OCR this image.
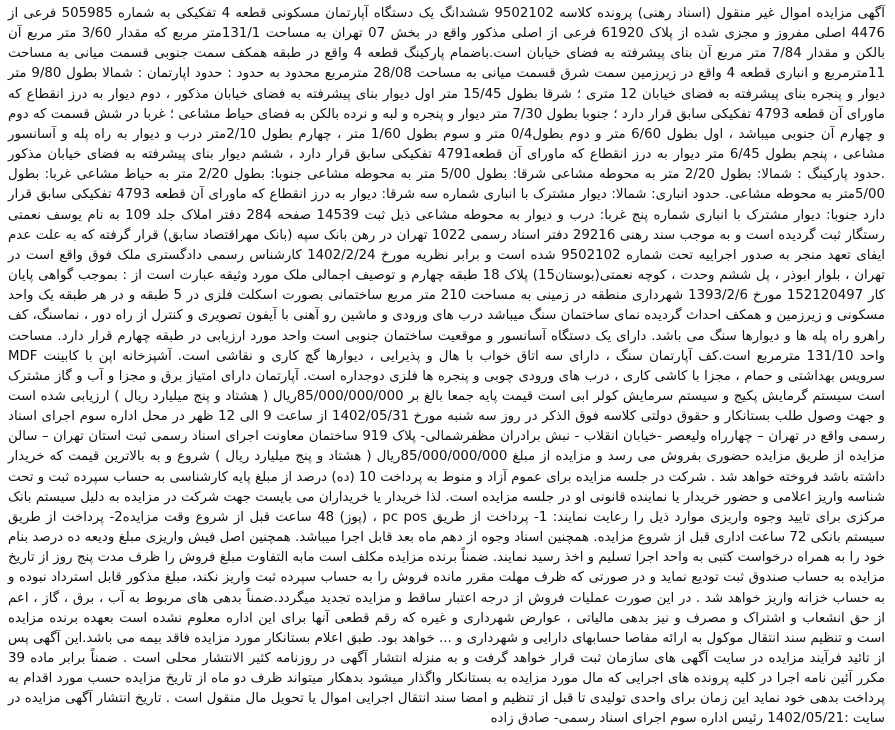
آگهی مزایده اموال غیر منقول (اسناد رهنی) پرونده کلاسه 9502102 ششدانگ یک دستگاه آپارتمان مسکونی قطعه 4 تفکیکی به شماره 505985 فرعی از 4476 اصلی مفروز و مجزی شده از پلاک 61920 فرعی از اصلی مذکور واقع در بخش 07 تهران به مساحت 131/1متر مربع که مقدار 3/60 متر مربع آن بالکن و مقدار 7/84 متر مربع آن بنای پیشرفته به فضای خیابان است.باضمام پارکینگ قطعه 4 واقع در طبقه همکف سمت جنوبی قسمت میانی به مساحت 11مترمربع و انباری قطعه 4 واقع در زیرزمین سمت شرق قسمت میانی به مساحت 28/08 مترمربع محدود به حدود : حدود اپارتمان : شمالا بطول 9/80 متر دیوار و پنجره بنای پیشرفته به فضای خیابان 12 متری ؛ شرقا بطول 15/45 متر اول دیوار بنای پیشرفته به فضای خیابان مذکور ، دوم دیوار به درز انقطاع که ماورای آن قطعه 4793 تفکیکی سابق قرار دارد ؛ جنوبا بطول 7/30 متر دیوار و پنجره و لبه و نرده بالکن به فضای حیاط مشاعی ؛ غربا در شش قسمت که دوم و چهارم آن جنوبی میباشد ، اول بطول 6/60 متر و دوم بطول0/4 متر و سوم بطول 1/60 متر ، چهارم بطول 2/10متر درب و دیوار به راه پله و آسانسور مشاعی ، پنجم بطول 6/45 متر دیوار به درز انقطاع که ماورای آن قطعه4791 تفکیکی سابق قرار دارد ، ششم دیوار بنای پیشرفته به فضای خیابان مذکور .حدود پارکینگ : شمالا: بطول 2/20 متر به محوطه مشاعی شرقا: بطول 5/00 متر به محوطه مشاعی جنوبا: بطول 2/20 متر به حیاط مشاعی غربا: بطول 5/00متر به محوطه مشاعی. حدود انباری: شمالا: دیوار مشترک با انباری شماره سه شرقا: دیوار به درز انقطاع که ماورای آن قطعه 4793 تفکیکی سابق قرار دارد جنوبا: دیوار مشترک با انباری شماره پنج غربا: درب و دیوار به محوطه مشاعی ذیل ثبت 14539 صفحه 284 دفتر املاک جلد 109 به نام یوسف نعمتی رستگار ثبت گردیده است و به موجب سند رهنی 29216 دفتر اسناد رسمی 1022 تهران در رهن بانک سپه (بانک مهراقتصاد سابق) قرار گرفته که به علت عدم ایفای تعهد منجر به صدور اجراییه تحت شماره 9502102 شده است و برابر نظریه مورخ 1402/2/24 کارشناس رسمی دادگستری ملک فوق واقع است در تهران ، بلوار ابوذر ، پل ششم وحدت ، کوچه نعمتی(بوستان15) پلاک 18 طبقه چهارم و توصیف اجمالی ملک مورد وثیقه عبارت است از : بموجب گواهی پایان کار 152120497 مورخ 1393/2/6 شهرداری منطقه در زمینی به مساحت 210 متر مربع ساختمانی بصورت اسکلت فلزی در 5 طبقه و در هر طبقه یک واحد مسکونی و زیرزمین و همکف احداث گردیده نمای ساختمان سنگ میباشد درب های ورودی و ماشین رو آهنی با آیفون تصویری و کنترل از راه دور ، نماسنگ، کف راهرو راه پله ها و دیوارها سنگ می باشد. دارای یک دستگاه آسانسور و موقعیت ساختمان جنوبی است واحد مورد ارزیابی در طبقه چهارم قرار دارد. مساحت واحد 131/10 مترمربع است.کف آپارتمان سنگ ، دارای سه اتاق خواب با هال و پذیرایی ، دیوارها گچ کاری و نقاشی است. آشپزخانه اپن با کابینت MDF سرویس بهداشتی و حمام ، مجزا با کاشی کاری ، درب های ورودی چوبی و پنجره ها فلزی دوجداره است. آپارتمان دارای امتیاز برق و مجزا و آب و گاز مشترک است سیستم گرمایش پکیج و سیستم سرمایش کولر ابی است قیمت پایه جمعا بالغ بر 85/000/000/000ریال ( هشتاد و پنج میلیارد ریال ) ارزیابی شده است و جهت وصول طلب بستانکار و حقوق دولتی کلاسه فوق الذکر در روز سه شنبه مورخ 1402/05/31 از ساعت 9 الی 12 ظهر در محل اداره سوم اجرای اسناد رسمی واقع در تهران – چهارراه ولیعصر -خیابان انقلاب - نبش برادران مظفرشمالی- پلاک 919 ساختمان معاونت اجرای اسناد رسمی ثبت استان تهران – سالن مزایده از طریق مزایده حضوری بفروش می رسد و مزایده از مبلغ 85/000/000/000ریال ( هشتاد و پنج میلیارد ریال ) شروع و به بالاترین قیمت که خریدار داشته باشد فروخته خواهد شد . شرکت در جلسه مزایده برای عموم آزاد و منوط به پرداخت 10 (ده) درصد از مبلغ پایه کارشناسی به حساب سپرده ثبت و تحت شناسه واریز اعلامی و حضور خریدار یا نماینده قانونی او در جلسه مزایده است. لذا خریدار یا خریداران می بایست جهت شرکت در مزایده به دلیل سیستم بانک مرکزی برای تایید وجوه واریزی موارد ذیل را رعایت نمایند: 1- پرداخت از طریق pc pos ، (پوز) 48 ساعت قبل از شروع وقت مزایده2- پرداخت از طریق سیستم بانکی 72 ساعت اداری قبل از شروع مزایده. همچنین اسناد وجوه از دهم ماه بعد قابل اجرا میباشد. همچنین اصل فیش واریزی مبلغ ودیعه ده درصد بنام خود را به همراه درخواست کتبی به واحد اجرا تسلیم و اخذ رسید نمایند. ضمناً برنده مزایده مکلف است مابه التفاوت مبلغ فروش را ظرف مدت پنج روز از تاریخ مزایده به حساب صندوق ثبت تودیع نماید و در صورتی که ظرف مهلت مقرر مانده فروش را به حساب سپرده ثبت واریز نکند، مبلغ مذکور قابل استرداد نبوده و به حساب خزانه واریز خواهد شد . در این صورت عملیات فروش از درجه اعتبار ساقط و مزایده تجدید میگردد.ضمناً بدهی های مربوط به آب ، برق ، گاز ، اعم از حق انشعاب و اشتراک و مصرف و نیز بدهی مالیاتی ، عوارض شهرداری و غیره که رقم قطعی آنها برای این اداره معلوم نشده است بعهده برنده مزایده است و تنظیم سند انتقال موکول به ارائه مفاصا حسابهای دارایی و شهرداری و ... خواهد بود. طبق اعلام بستانکار مورد مزایده فاقد بیمه می باشد.این آگهی پس از تائید فرآیند مزایده در سایت آگهی های سازمان ثبت قرار خواهد گرفت و به منزله انتشار آگهی در روزنامه کثیر الانتشار محلی است . ضمناً برابر ماده 39 مکرر آئین نامه اجرا در کلیه پرونده های اجرایی که مال مورد مزایده به بستانکار واگذار میشود بدهکار میتواند ظرف دو ماه از تاریخ مزایده حسب مورد اقدام به پرداخت بدهی خود نماید این زمان برای واحدی تولیدی تا قبل از تنظیم و امضا سند انتقال اجرایی اموال یا تحویل مال منقول است . تاریخ انتشار آگهی مزایده در سایت :1402/05/21 رئیس اداره سوم اجرای اسناد رسمی- صادق زاده
